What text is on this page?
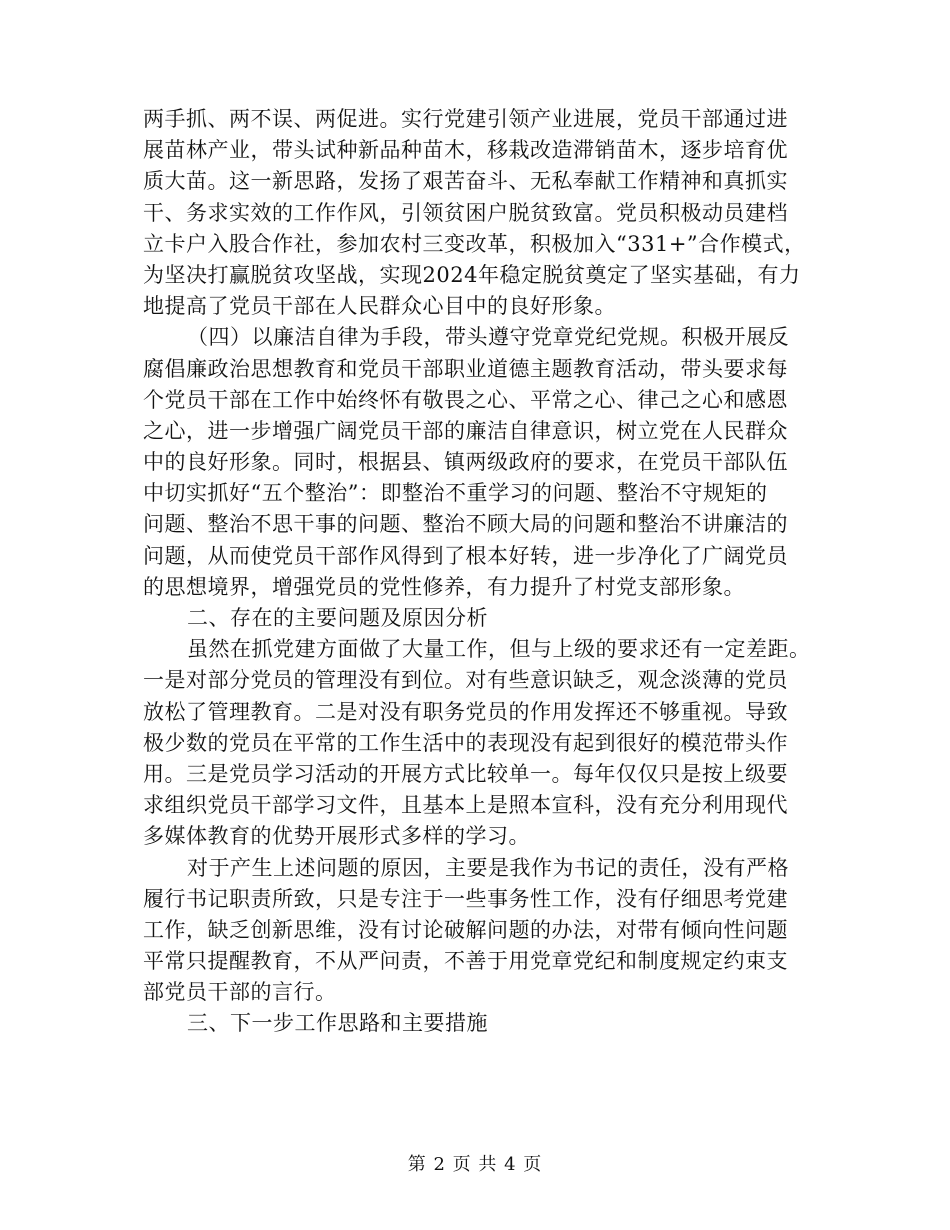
两手抓、两不误、两促进。实行党建引领产业进展，党员干部通过进
展苗林产业，带头试种新品种苗木，移栽改造滞销苗木，逐步培育优
质大苗。这一新思路，发扬了艰苦奋斗、无私奉献工作精神和真抓实
干、务求实效的工作作风，引领贫困户脱贫致富。党员积极动员建档
立卡户入股合作社，参加农村三变改革，积极加入“331+”合作模式，
为坚决打赢脱贫攻坚战，实现2024年稳定脱贫奠定了坚实基础，有力
地提高了党员干部在人民群众心目中的良好形象。
（四）以廉洁自律为手段，带头遵守党章党纪党规。积极开展反
腐倡廉政治思想教育和党员干部职业道德主题教育活动，带头要求每
个党员干部在工作中始终怀有敬畏之心、平常之心、律己之心和感恩
之心，进一步增强广阔党员干部的廉洁自律意识，树立党在人民群众
中的良好形象。同时，根据县、镇两级政府的要求，在党员干部队伍
中切实抓好“五个整治”：即整治不重学习的问题、整治不守规矩的
问题、整治不思干事的问题、整治不顾大局的问题和整治不讲廉洁的
问题，从而使党员干部作风得到了根本好转，进一步净化了广阔党员
的思想境界，增强党员的党性修养，有力提升了村党支部形象。
二、存在的主要问题及原因分析
虽然在抓党建方面做了大量工作，但与上级的要求还有一定差距。
一是对部分党员的管理没有到位。对有些意识缺乏，观念淡薄的党员
放松了管理教育。二是对没有职务党员的作用发挥还不够重视。导致
极少数的党员在平常的工作生活中的表现没有起到很好的模范带头作
用。三是党员学习活动的开展方式比较单一。每年仅仅只是按上级要
求组织党员干部学习文件，且基本上是照本宣科，没有充分利用现代
多媒体教育的优势开展形式多样的学习。
对于产生上述问题的原因，主要是我作为书记的责任，没有严格
履行书记职责所致，只是专注于一些事务性工作，没有仔细思考党建
工作，缺乏创新思维，没有讨论破解问题的办法，对带有倾向性问题
平常只提醒教育，不从严问责，不善于用党章党纪和制度规定约束支
部党员干部的言行。
三、下一步工作思路和主要措施
第 2 页 共 4 页
